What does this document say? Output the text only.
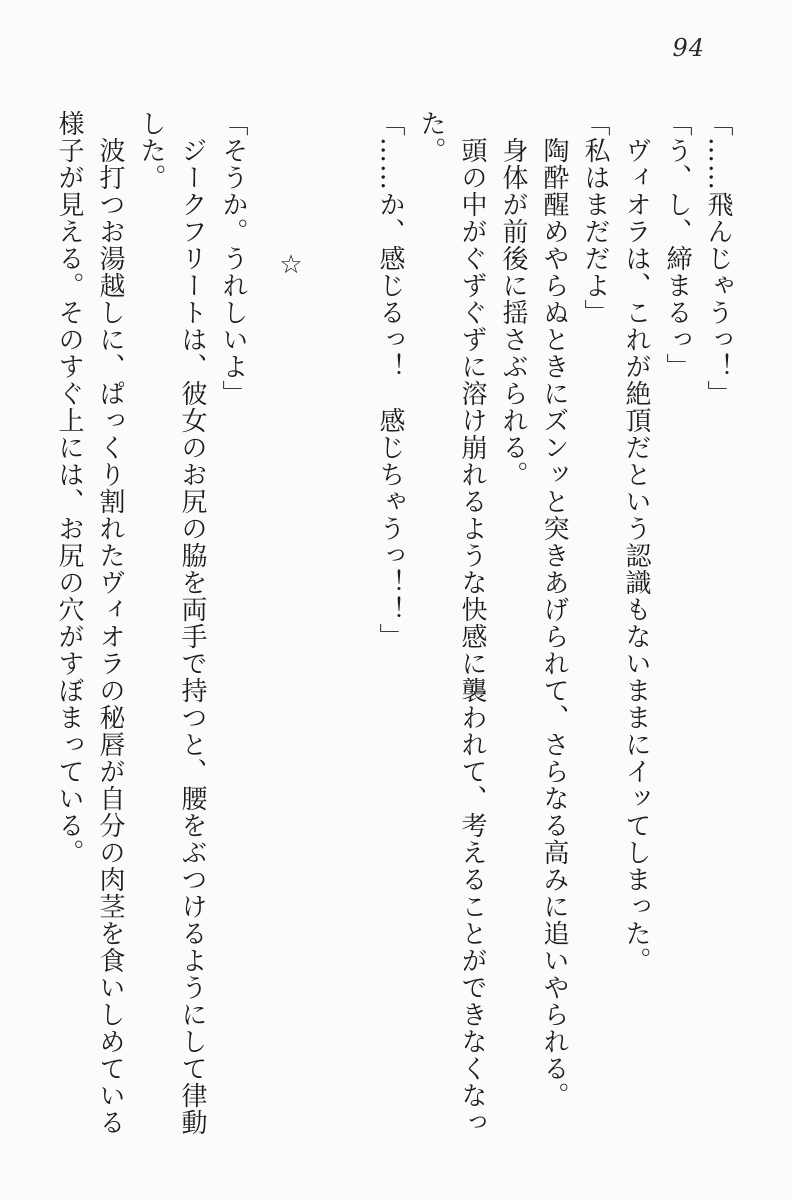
94

「……飛んじゃうっ！」

「う、し、締まるっ」

ヴィオラは、これが絶頂だという認識もないままにイッてしまった。

「私はまだだよ」

陶酔醒めやらぬときにズンッと突きあげられて、さらなる高みに追いやられる。

身体が前後に揺さぶられる。

頭の中がぐずぐずに溶け崩れるような快感に襲われて、考えることができなくなっ

た。

「……か、感じるっ！　感じちゃうっ！！」

☆

「そうか。うれしいよ」

ジークフリートは、彼女のお尻の脇を両手で持つと、腰をぶつけるようにして律動

した。

波打つお湯越しに、ぱっくり割れたヴィオラの秘唇が自分の肉茎を食いしめている

様子が見える。そのすぐ上には、お尻の穴がすぼまっている。
